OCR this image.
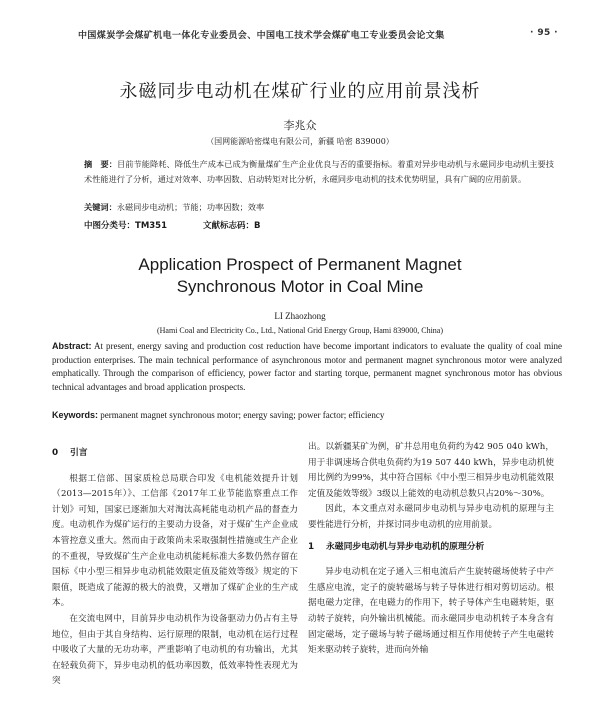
中国煤炭学会煤矿机电一体化专业委员会、中国电工技术学会煤矿电工专业委员会论文集	· 95 ·
永磁同步电动机在煤矿行业的应用前景浅析
李兆众
（国网能源哈密煤电有限公司，新疆 哈密 839000）
摘　要：目前节能降耗、降低生产成本已成为衡量煤矿生产企业优良与否的重要指标。着重对异步电动机与永磁同步电动机主要技术性能进行了分析，通过对效率、功率因数、启动转矩对比分析，永磁同步电动机的技术优势明显，具有广阔的应用前景。
关键词：永磁同步电动机；节能；功率因数；效率
中图分类号：TM351	文献标志码：B
Application Prospect of Permanent Magnet
Synchronous Motor in Coal Mine
LI Zhaozhong
(Hami Coal and Electricity Co., Ltd., National Grid Energy Group, Hami 839000, China)
Abstract: At present, energy saving and production cost reduction have become important indicators to evaluate the quality of coal mine production enterprises. The main technical performance of asynchronous motor and permanent magnet synchronous motor were analyzed emphatically. Through the comparison of efficiency, power factor and starting torque, permanent magnet synchronous motor has obvious technical advantages and broad application prospects.
Keywords: permanent magnet synchronous motor; energy saving; power factor; efficiency
0 引言

根据工信部、国家质检总局联合印发《电机能效提升计划（2013—2015年）》、工信部《2017年工业节能监察重点工作计划》可知，国家已逐渐加大对淘汰高耗能电动机产品的督查力度。电动机作为煤矿运行的主要动力设备，对于煤矿生产企业成本管控意义重大。然而由于政策尚未采取强制性措施或生产企业的不重视，导致煤矿生产企业电动机能耗标准大多数仍然存留在国标《中小型三相异步电动机能效限定值及能效等级》规定的下限值，既造成了能源的极大的浪费，又增加了煤矿企业的生产成本。

在交流电网中，目前异步电动机作为设备驱动力仍占有主导地位，但由于其自身结构、运行原理的限制，电动机在运行过程中吸收了大量的无功功率，严重影响了电动机的有功输出，尤其在轻载负荷下，异步电动机的低功率因数，低效率特性表现尤为突

出。以新疆某矿为例，矿井总用电负荷约为42 905 040 kWh，用于非调速场合供电负荷约为19 507 440 kWh，异步电动机使用比例约为99%，其中符合国标《中小型三相异步电动机能效限定值及能效等级》3级以上能效的电动机总数只占20%～30%。

因此，本文重点对永磁同步电动机与异步电动机的原理与主要性能进行分析，并探讨同步电动机的应用前景。

1 永磁同步电动机与异步电动机的原理分析

异步电动机在定子通入三相电流后产生旋转磁场使转子中产生感应电流，定子的旋转磁场与转子导体进行相对剪切运动。根据电磁力定律，在电磁力的作用下，转子导体产生电磁转矩，驱动转子旋转，向外输出机械能。而永磁同步电动机转子本身含有固定磁场，定子磁场与转子磁场通过相互作用使转子产生电磁转矩来驱动转子旋转，进而向外输
